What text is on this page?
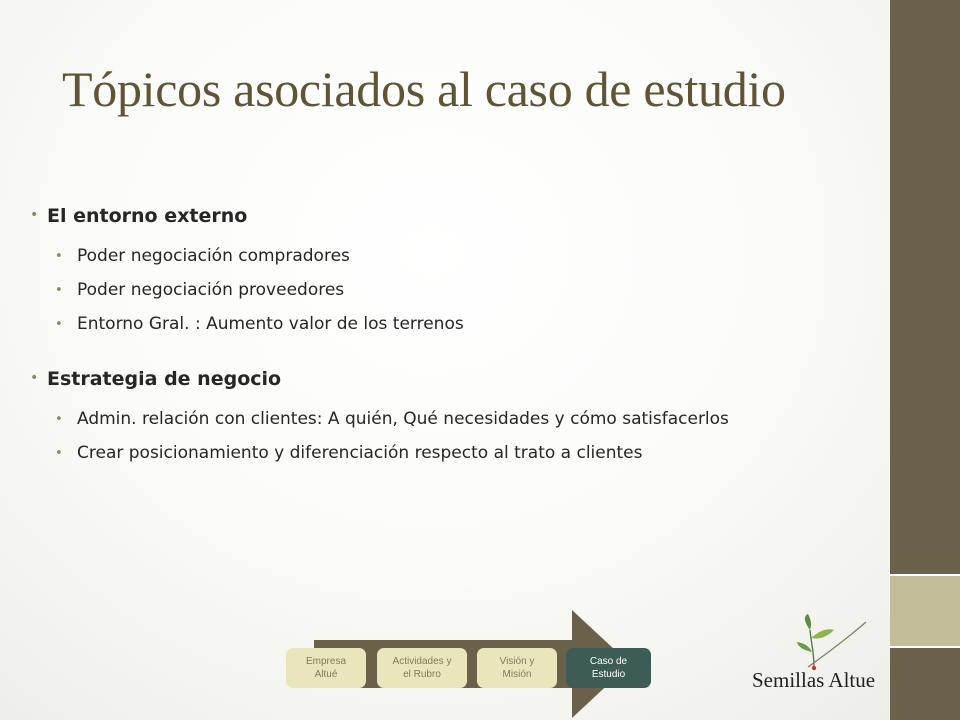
Tópicos asociados al caso de estudio
• El entorno externo
• Poder negociación compradores
• Poder negociación proveedores
• Entorno Gral. : Aumento valor de los terrenos
• Estrategia de negocio
• Admin. relación con clientes: A quién, Qué necesidades y cómo satisfacerlos
• Crear posicionamiento y diferenciación respecto al trato a clientes
Empresa
Altué
Actividades y
el Rubro
Visión y
Misión
Caso de
Estudio	Semillas Altue
